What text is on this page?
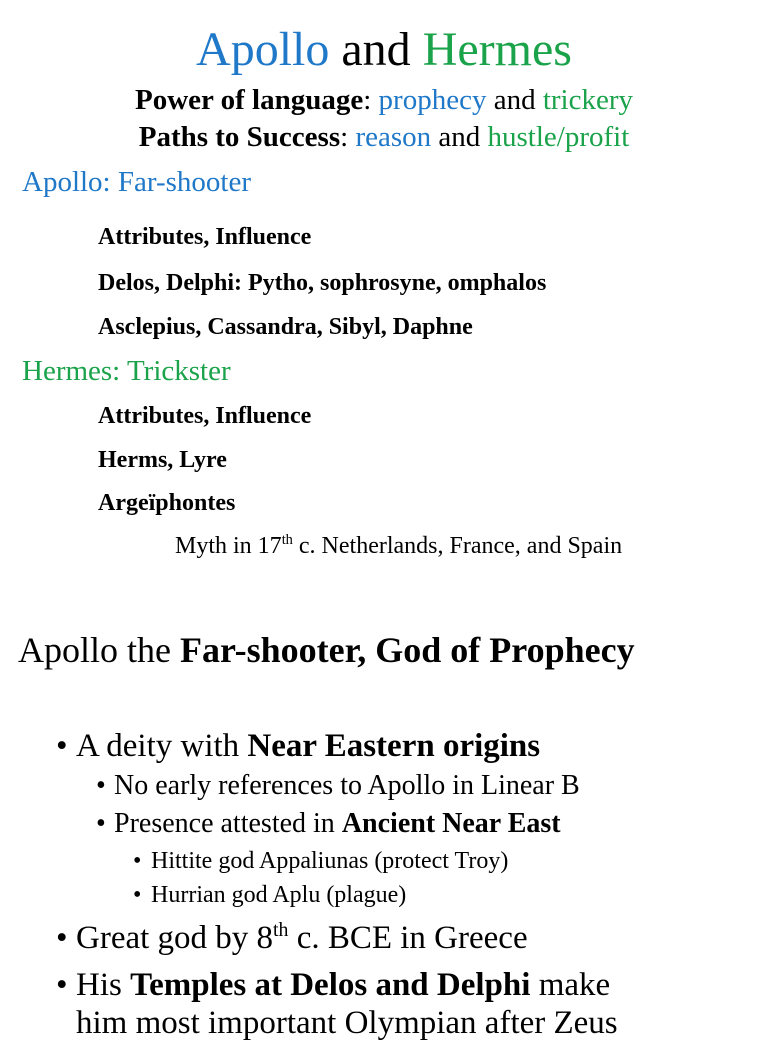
Apollo and Hermes
Power of language: prophecy and trickery
Paths to Success: reason and hustle/profit
Apollo: Far-shooter
Attributes, Influence
Delos, Delphi: Pytho, sophrosyne, omphalos
Asclepius, Cassandra, Sibyl, Daphne
Hermes: Trickster
Attributes, Influence
Herms, Lyre
Argeïphontes
Myth in 17th c. Netherlands, France, and Spain
Apollo the Far-shooter, God of Prophecy
• A deity with Near Eastern origins
• No early references to Apollo in Linear B
• Presence attested in Ancient Near East
• Hittite god Appaliunas (protect Troy)
• Hurrian god Aplu (plague)
• Great god by 8th c. BCE in Greece
• His Temples at Delos and Delphi make
him most important Olympian after Zeus
